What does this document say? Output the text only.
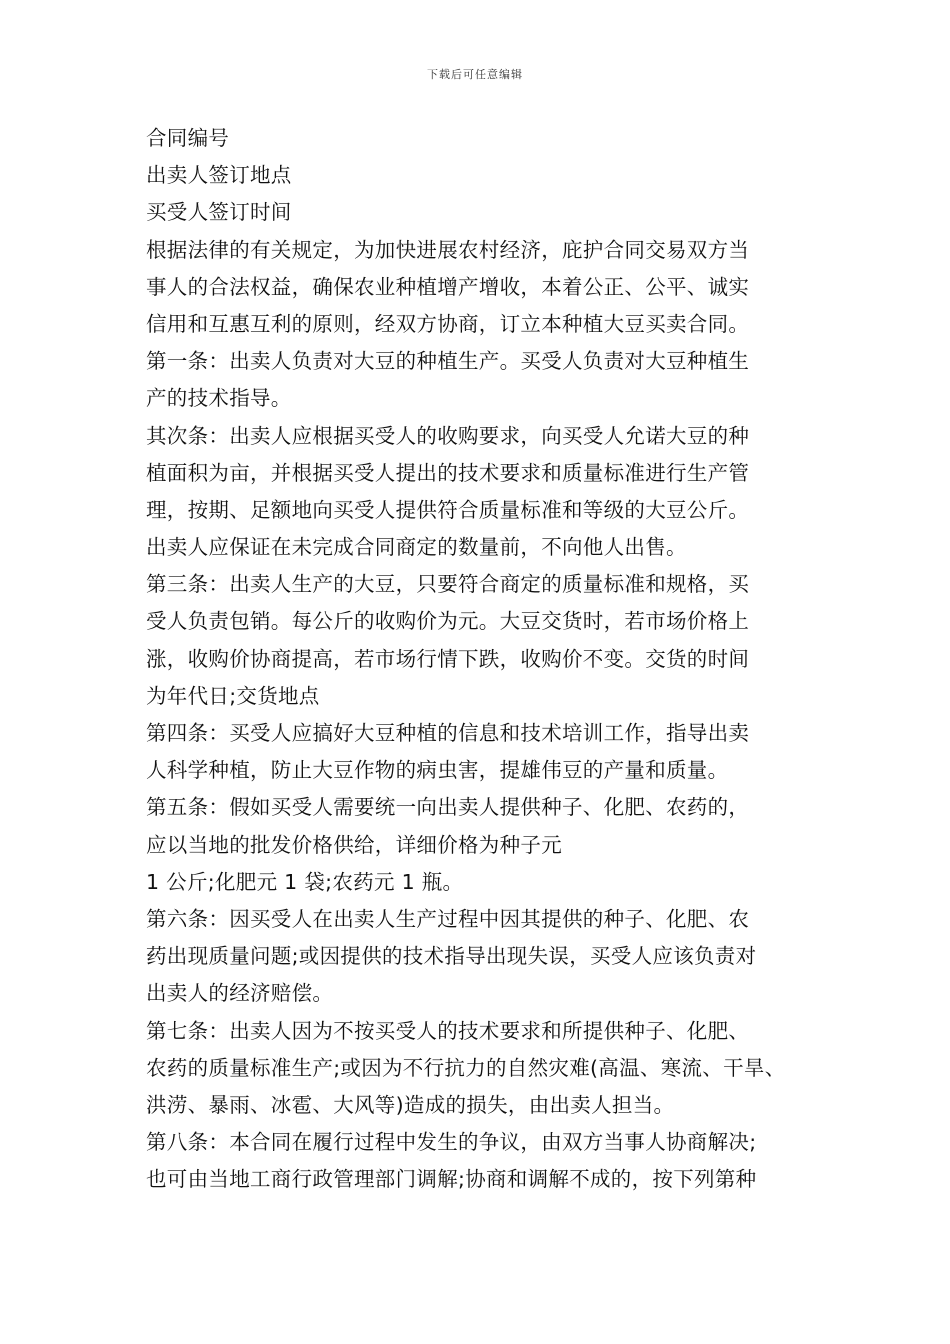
下载后可任意编辑
合同编号
出卖人签订地点
买受人签订时间
根据法律的有关规定，为加快进展农村经济，庇护合同交易双方当
事人的合法权益，确保农业种植增产增收，本着公正、公平、诚实
信用和互惠互利的原则，经双方协商，订立本种植大豆买卖合同。
第一条：出卖人负责对大豆的种植生产。买受人负责对大豆种植生
产的技术指导。
其次条：出卖人应根据买受人的收购要求，向买受人允诺大豆的种
植面积为亩，并根据买受人提出的技术要求和质量标准进行生产管
理，按期、足额地向买受人提供符合质量标准和等级的大豆公斤。
出卖人应保证在未完成合同商定的数量前，不向他人出售。
第三条：出卖人生产的大豆，只要符合商定的质量标准和规格，买
受人负责包销。每公斤的收购价为元。大豆交货时，若市场价格上
涨，收购价协商提高，若市场行情下跌，收购价不变。交货的时间
为年代日;交货地点
第四条：买受人应搞好大豆种植的信息和技术培训工作，指导出卖
人科学种植，防止大豆作物的病虫害，提雄伟豆的产量和质量。
第五条：假如买受人需要统一向出卖人提供种子、化肥、农药的，
应以当地的批发价格供给，详细价格为种子元
1 公斤;化肥元 1 袋;农药元 1 瓶。
第六条：因买受人在出卖人生产过程中因其提供的种子、化肥、农
药出现质量问题;或因提供的技术指导出现失误，买受人应该负责对
出卖人的经济赔偿。
第七条：出卖人因为不按买受人的技术要求和所提供种子、化肥、
农药的质量标准生产;或因为不行抗力的自然灾难(高温、寒流、干旱、
洪涝、暴雨、冰雹、大风等)造成的损失，由出卖人担当。
第八条：本合同在履行过程中发生的争议，由双方当事人协商解决;
也可由当地工商行政管理部门调解;协商和调解不成的，按下列第种
